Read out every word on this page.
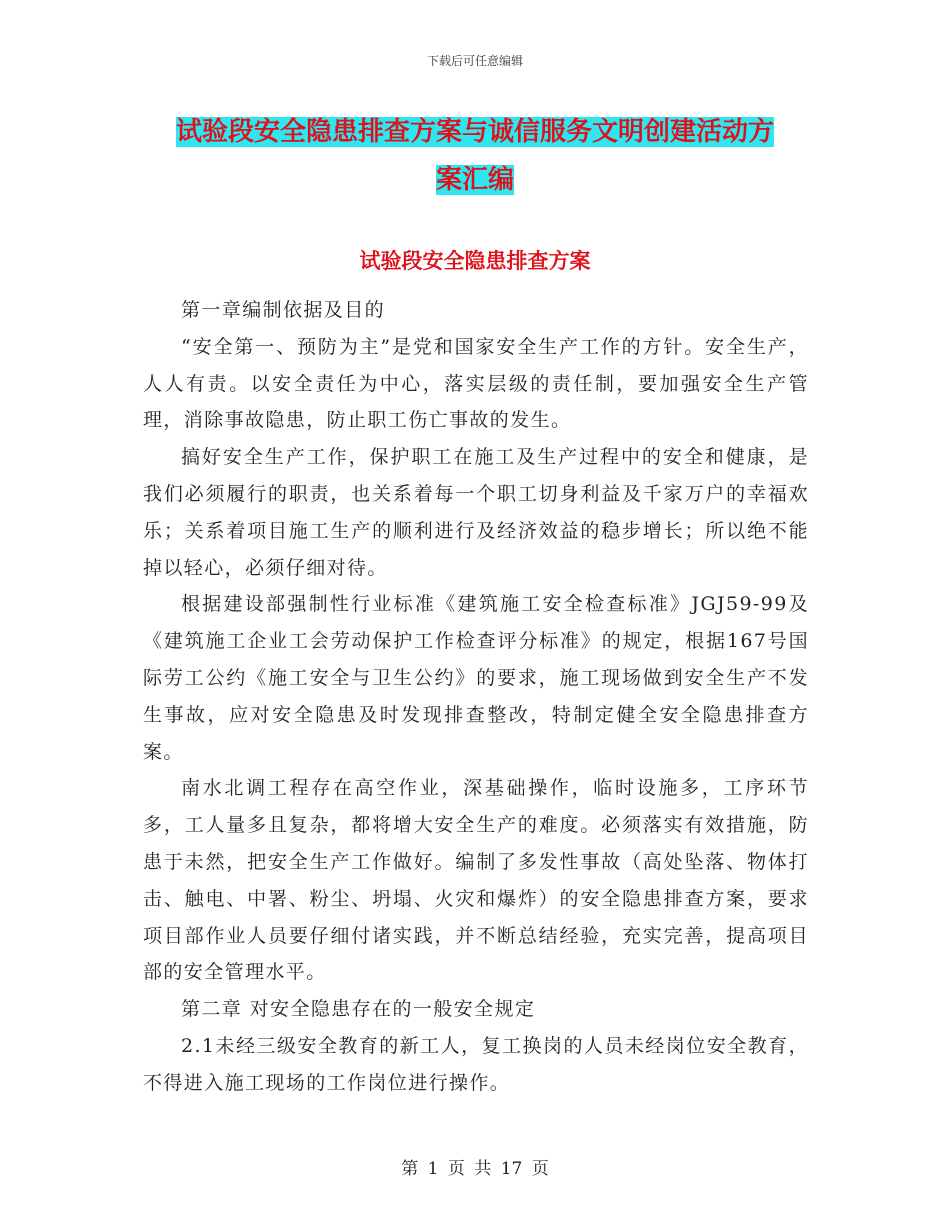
下载后可任意编辑
试验段安全隐患排查方案与诚信服务文明创建活动方
案汇编
试验段安全隐患排查方案

第一章编制依据及目的

“安全第一、预防为主”是党和国家安全生产工作的方针。安全生产，人人有责。以安全责任为中心，落实层级的责任制，要加强安全生产管理，消除事故隐患，防止职工伤亡事故的发生。

搞好安全生产工作，保护职工在施工及生产过程中的安全和健康，是我们必须履行的职责，也关系着每一个职工切身利益及千家万户的幸福欢乐；关系着项目施工生产的顺利进行及经济效益的稳步增长；所以绝不能掉以轻心，必须仔细对待。

根据建设部强制性行业标准《建筑施工安全检查标准》JGJ59-99及《建筑施工企业工会劳动保护工作检查评分标准》的规定，根据167号国际劳工公约《施工安全与卫生公约》的要求，施工现场做到安全生产不发生事故，应对安全隐患及时发现排查整改，特制定健全安全隐患排查方案。

南水北调工程存在高空作业，深基础操作，临时设施多，工序环节多，工人量多且复杂，都将增大安全生产的难度。必须落实有效措施，防患于未然，把安全生产工作做好。编制了多发性事故（高处坠落、物体打击、触电、中署、粉尘、坍塌、火灾和爆炸）的安全隐患排查方案，要求项目部作业人员要仔细付诸实践，并不断总结经验，充实完善，提高项目部的安全管理水平。

第二章 对安全隐患存在的一般安全规定

2.1未经三级安全教育的新工人，复工换岗的人员未经岗位安全教育，不得进入施工现场的工作岗位进行操作。

第 1 页 共 17 页
